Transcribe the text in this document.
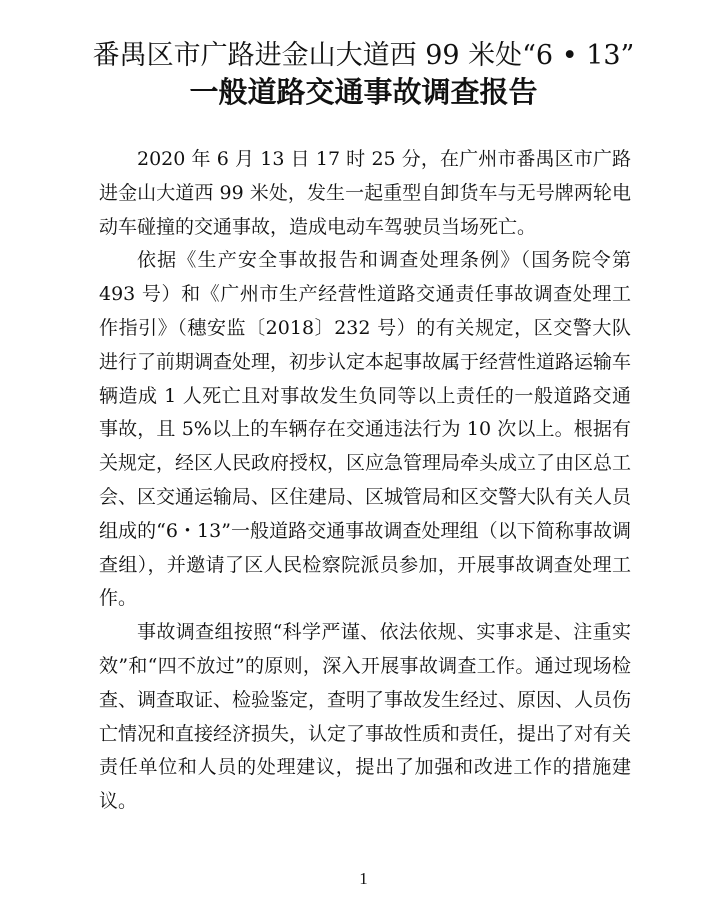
番禺区市广路进金山大道西 99 米处“6 • 13”
一般道路交通事故调查报告

2020 年 6 月 13 日 17 时 25 分，在广州市番禺区市广路进金山大道西 99 米处，发生一起重型自卸货车与无号牌两轮电动车碰撞的交通事故，造成电动车驾驶员当场死亡。

依据《生产安全事故报告和调查处理条例》（国务院令第 493 号）和《广州市生产经营性道路交通责任事故调查处理工作指引》（穗安监〔2018〕232 号）的有关规定，区交警大队进行了前期调查处理，初步认定本起事故属于经营性道路运输车辆造成 1 人死亡且对事故发生负同等以上责任的一般道路交通事故，且 5%以上的车辆存在交通违法行为 10 次以上。根据有关规定，经区人民政府授权，区应急管理局牵头成立了由区总工会、区交通运输局、区住建局、区城管局和区交警大队有关人员组成的“6・13”一般道路交通事故调查处理组（以下简称事故调查组），并邀请了区人民检察院派员参加，开展事故调查处理工作。

事故调查组按照“科学严谨、依法依规、实事求是、注重实效”和“四不放过”的原则，深入开展事故调查工作。通过现场检查、调查取证、检验鉴定，查明了事故发生经过、原因、人员伤亡情况和直接经济损失，认定了事故性质和责任，提出了对有关责任单位和人员的处理建议，提出了加强和改进工作的措施建议。

1
